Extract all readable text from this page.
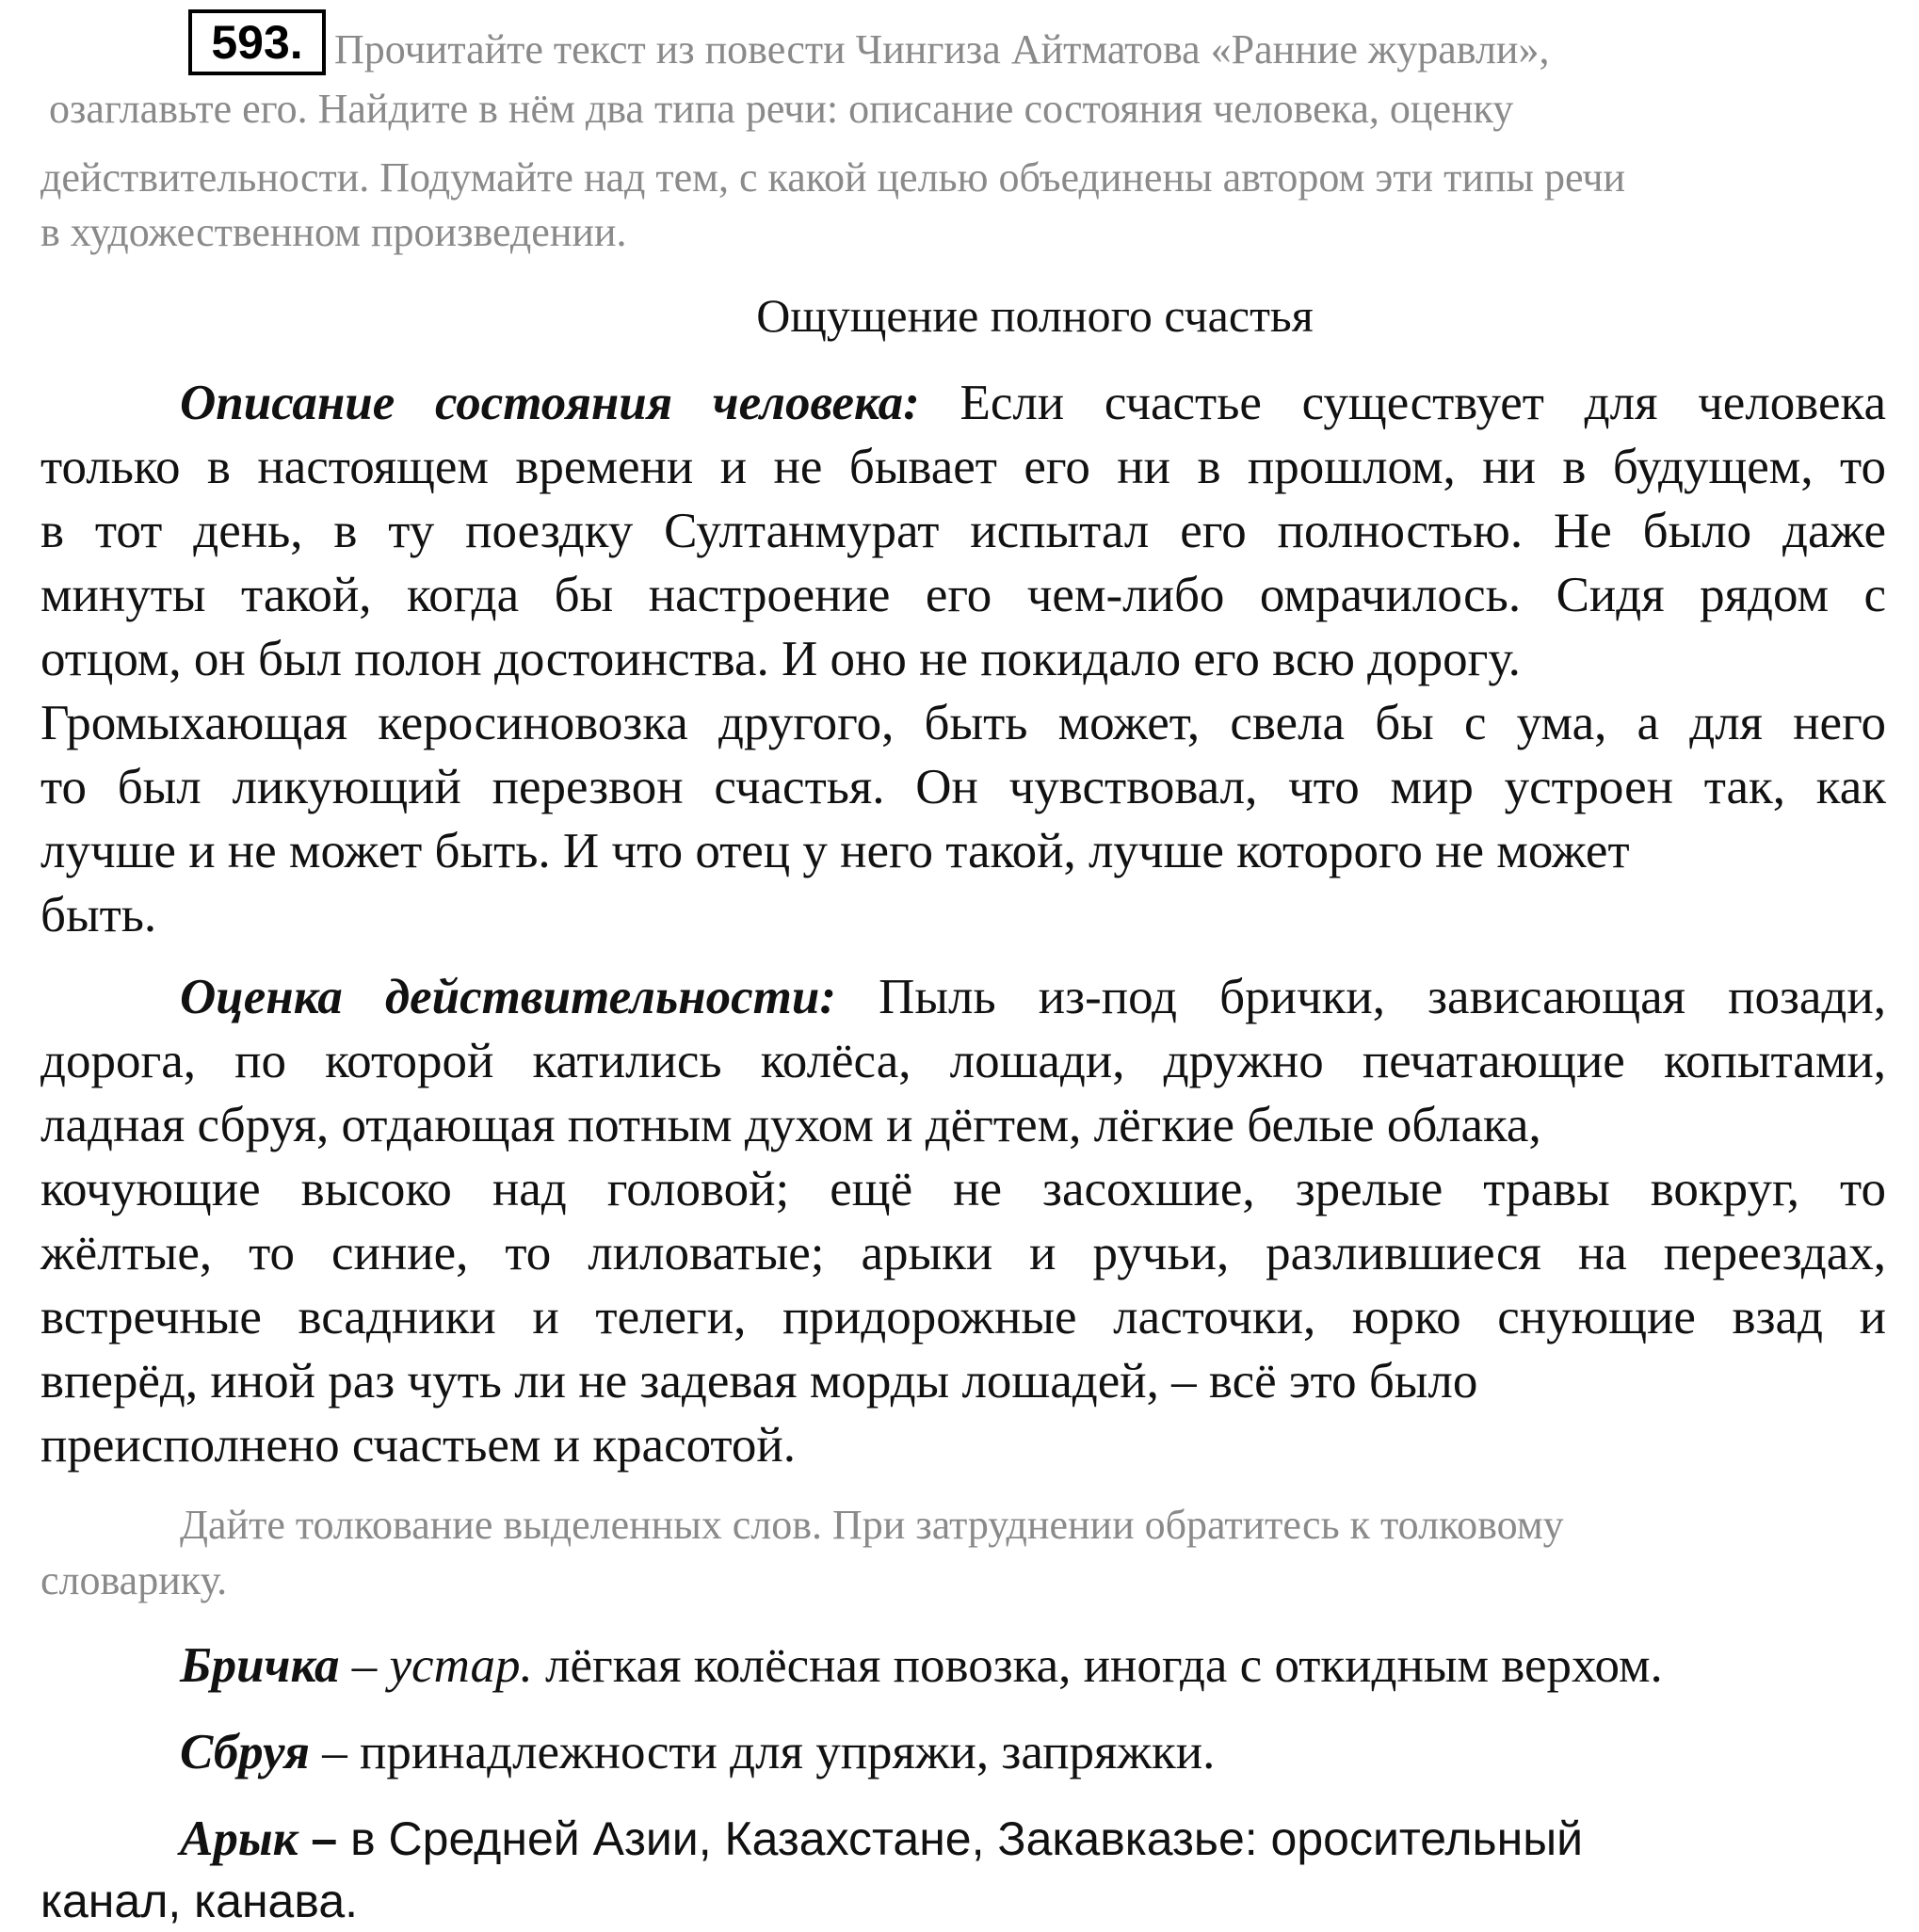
593. Прочитайте текст из повести Чингиза Айтматова «Ранние журавли»,
озаглавьте его. Найдите в нём два типа речи: описание состояния человека, оценку
действительности. Подумайте над тем, с какой целью объединены автором эти типы речи
в художественном произведении.
Ощущение полного счастья
Описание состояния человека: Если счастье существует для человека
только в настоящем времени и не бывает его ни в прошлом, ни в будущем, то
в тот день, в ту поездку Султанмурат испытал его полностью. Не было даже
минуты такой, когда бы настроение его чем-либо омрачилось. Сидя рядом с
отцом, он был полон достоинства. И оно не покидало его всю дорогу.
Громыхающая керосиновозка другого, быть может, свела бы с ума, а для него
то был ликующий перезвон счастья. Он чувствовал, что мир устроен так, как
лучше и не может быть. И что отец у него такой, лучше которого не может
быть.
Оценка действительности: Пыль из-под брички, зависающая позади,
дорога, по которой катились колёса, лошади, дружно печатающие копытами,
ладная сбруя, отдающая потным духом и дёгтем, лёгкие белые облака,
кочующие высоко над головой; ещё не засохшие, зрелые травы вокруг, то
жёлтые, то синие, то лиловатые; арыки и ручьи, разлившиеся на переездах,
встречные всадники и телеги, придорожные ласточки, юрко снующие взад и
вперёд, иной раз чуть ли не задевая морды лошадей, – всё это было
преисполнено счастьем и красотой.
Дайте толкование выделенных слов. При затруднении обратитесь к толковому
словарику.
Бричка – устар. лёгкая колёсная повозка, иногда с откидным верхом.
Сбруя – принадлежности для упряжи, запряжки.
Арык – в Средней Азии, Казахстане, Закавказье: оросительный
канал, канава.
